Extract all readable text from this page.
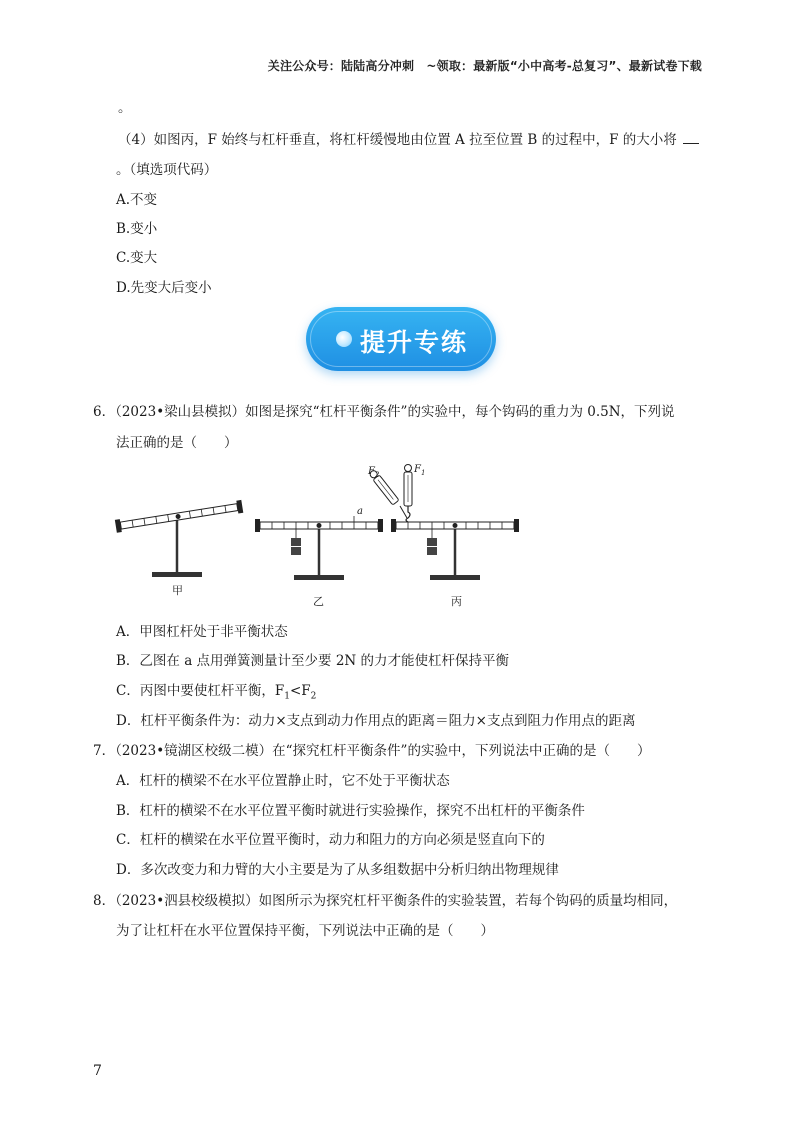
关注公众号：陆陆高分冲刺　~领取：最新版“小中高考-总复习”、最新试卷下载
。
（4）如图丙，F 始终与杠杆垂直，将杠杆缓慢地由位置 A 拉至位置 B 的过程中，F 的大小将
。（填选项代码）
A.不变
B.变小
C.变大
D.先变大后变小
提升专练
6．（2023•梁山县模拟）如图是探究“杠杆平衡条件”的实验中，每个钩码的重力为 0.5N，下列说
法正确的是（　　）
甲
a
乙
$F_1$
$F_2$
丙
A．甲图杠杆处于非平衡状态
B．乙图在 a 点用弹簧测量计至少要 2N 的力才能使杠杆保持平衡
C．丙图中要使杠杆平衡，$F_1<F_2$
D．杠杆平衡条件为：动力×支点到动力作用点的距离＝阻力×支点到阻力作用点的距离
7．（2023•镜湖区校级二模）在“探究杠杆平衡条件”的实验中，下列说法中正确的是（　　）
A．杠杆的横梁不在水平位置静止时，它不处于平衡状态
B．杠杆的横梁不在水平位置平衡时就进行实验操作，探究不出杠杆的平衡条件
C．杠杆的横梁在水平位置平衡时，动力和阻力的方向必须是竖直向下的
D．多次改变力和力臂的大小主要是为了从多组数据中分析归纳出物理规律
8．（2023•泗县校级模拟）如图所示为探究杠杆平衡条件的实验装置，若每个钩码的质量均相同，
为了让杠杆在水平位置保持平衡，下列说法中正确的是（　　）
7
